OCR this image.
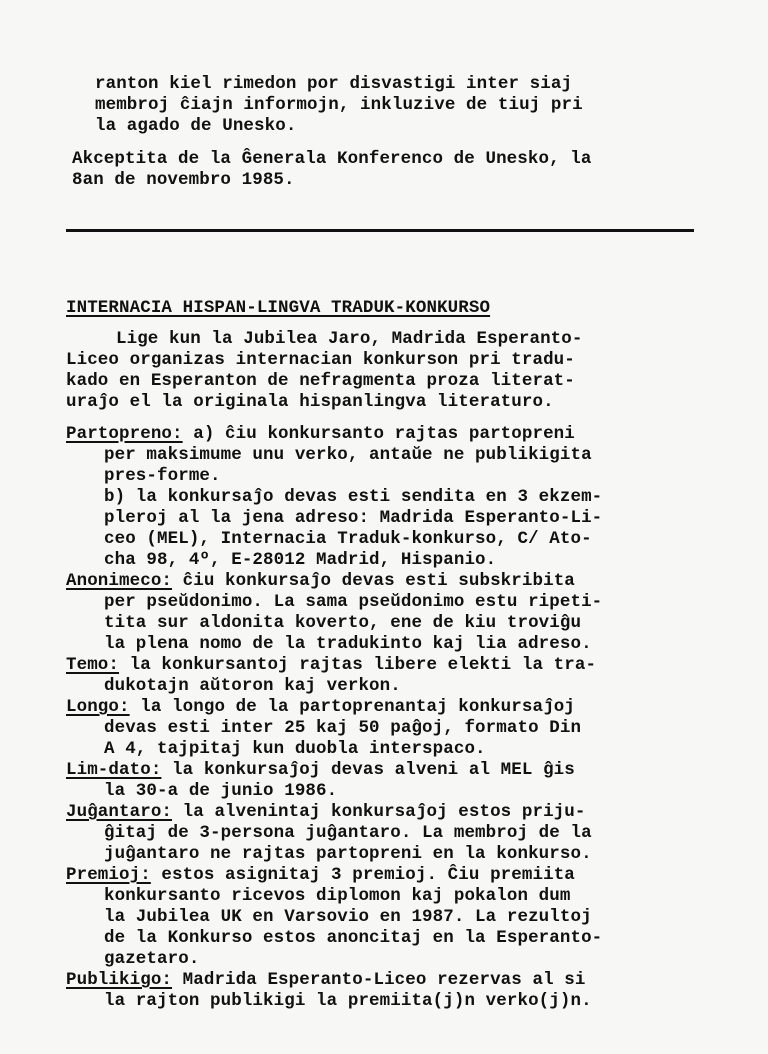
ranton kiel rimedon por disvastigi inter siaj
membroj ĉiajn informojn, inkluzive de tiuj pri
la agado de Unesko.
Akceptita de la Ĝenerala Konferenco de Unesko, la
8an de novembro 1985.
INTERNACIA HISPAN-LINGVA TRADUK-KONKURSO
Lige kun la Jubilea Jaro, Madrida Esperanto-
Liceo organizas internacian konkurson pri tradu-
kado en Esperanton de nefragmenta proza literat-
uraĵo el la originala hispanlingva literaturo.
Partopreno: a) ĉiu konkursanto rajtas partopreni
per maksimume unu verko, antaŭe ne publikigita
pres-forme.
b) la konkursaĵo devas esti sendita en 3 ekzem-
pleroj al la jena adreso: Madrida Esperanto-Li-
ceo (MEL), Internacia Traduk-konkurso, C/ Ato-
cha 98, 4º, E-28012 Madrid, Hispanio.
Anonimeco: ĉiu konkursaĵo devas esti subskribita
per pseŭdonimo. La sama pseŭdonimo estu ripeti-
tita sur aldonita koverto, ene de kiu troviĝu
la plena nomo de la tradukinto kaj lia adreso.
Temo: la konkursantoj rajtas libere elekti la tra-
dukotajn aŭtoron kaj verkon.
Longo: la longo de la partoprenantaj konkursaĵoj
devas esti inter 25 kaj 50 paĝoj, formato Din
A 4, tajpitaj kun duobla interspaco.
Lim-dato: la konkursaĵoj devas alveni al MEL ĝis
la 30-a de junio 1986.
Juĝantaro: la alvenintaj konkursaĵoj estos priju-
ĝitaj de 3-persona juĝantaro. La membroj de la
juĝantaro ne rajtas partopreni en la konkurso.
Premioj: estos asignitaj 3 premioj. Ĉiu premiita
konkursanto ricevos diplomon kaj pokalon dum
la Jubilea UK en Varsovio en 1987. La rezultoj
de la Konkurso estos anoncitaj en la Esperanto-
gazetaro.
Publikigo: Madrida Esperanto-Liceo rezervas al si
la rajton publikigi la premiita(j)n verko(j)n.
